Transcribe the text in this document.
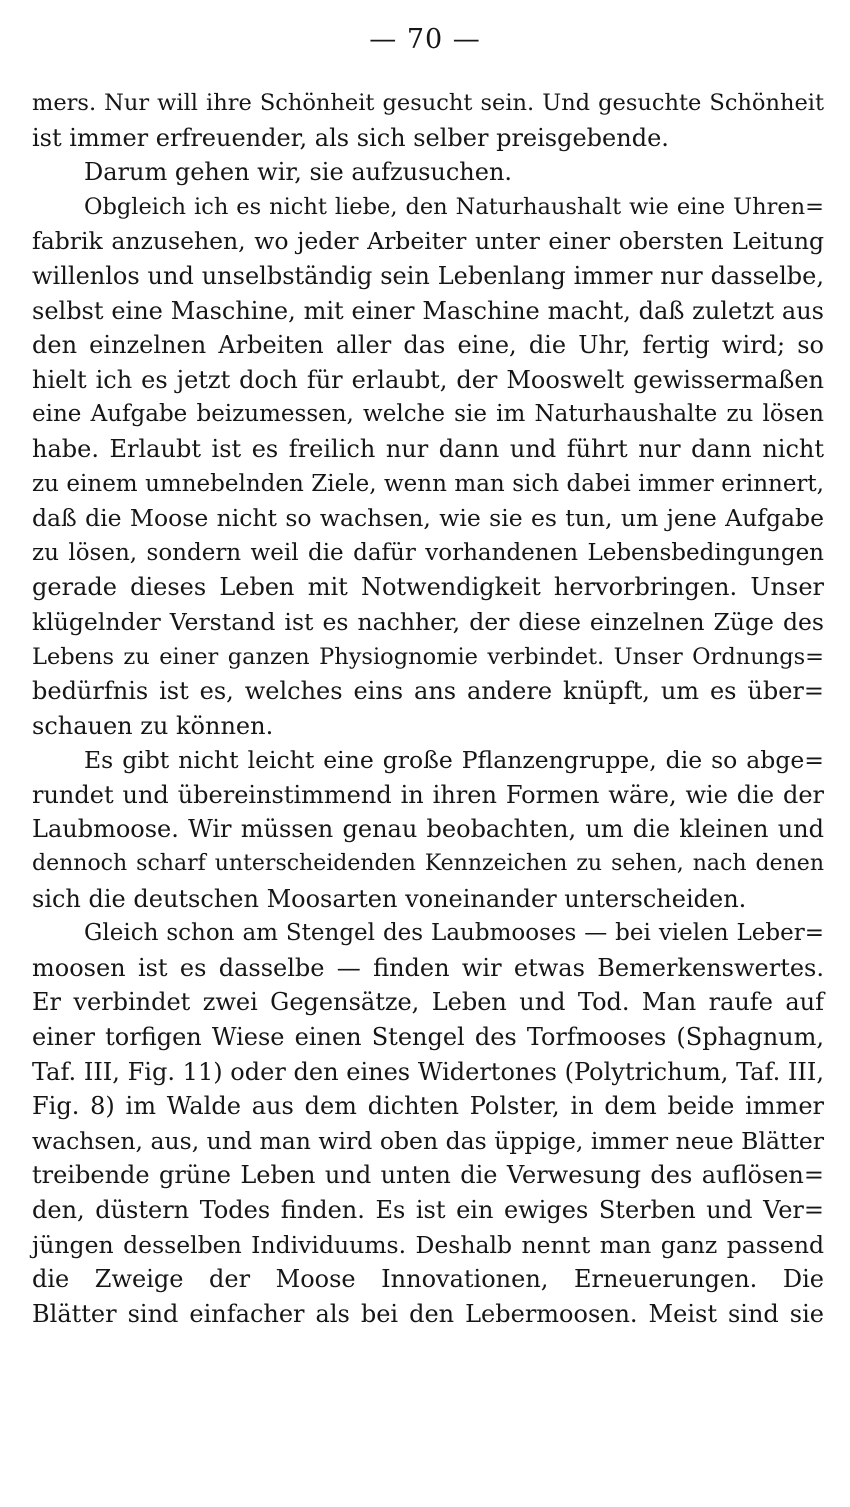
— 70 —
mers. Nur will ihre Schönheit gesucht sein. Und gesuchte Schönheit
ist immer erfreuender, als sich selber preisgebende.
Darum gehen wir, sie aufzusuchen.
Obgleich ich es nicht liebe, den Naturhaushalt wie eine Uhren=
fabrik anzusehen, wo jeder Arbeiter unter einer obersten Leitung
willenlos und unselbständig sein Lebenlang immer nur dasselbe,
selbst eine Maschine, mit einer Maschine macht, daß zuletzt aus
den einzelnen Arbeiten aller das eine, die Uhr, fertig wird; so
hielt ich es jetzt doch für erlaubt, der Mooswelt gewissermaßen
eine Aufgabe beizumessen, welche sie im Naturhaushalte zu lösen
habe. Erlaubt ist es freilich nur dann und führt nur dann nicht
zu einem umnebelnden Ziele, wenn man sich dabei immer erinnert,
daß die Moose nicht so wachsen, wie sie es tun, um jene Aufgabe
zu lösen, sondern weil die dafür vorhandenen Lebensbedingungen
gerade dieses Leben mit Notwendigkeit hervorbringen. Unser
klügelnder Verstand ist es nachher, der diese einzelnen Züge des
Lebens zu einer ganzen Physiognomie verbindet. Unser Ordnungs=
bedürfnis ist es, welches eins ans andere knüpft, um es über=
schauen zu können.
Es gibt nicht leicht eine große Pflanzengruppe, die so abge=
rundet und übereinstimmend in ihren Formen wäre, wie die der
Laubmoose. Wir müssen genau beobachten, um die kleinen und
dennoch scharf unterscheidenden Kennzeichen zu sehen, nach denen
sich die deutschen Moosarten voneinander unterscheiden.
Gleich schon am Stengel des Laubmooses — bei vielen Leber=
moosen ist es dasselbe — finden wir etwas Bemerkenswertes.
Er verbindet zwei Gegensätze, Leben und Tod. Man raufe auf
einer torfigen Wiese einen Stengel des Torfmooses (Sphagnum,
Taf. III, Fig. 11) oder den eines Widertones (Polytrichum, Taf. III,
Fig. 8) im Walde aus dem dichten Polster, in dem beide immer
wachsen, aus, und man wird oben das üppige, immer neue Blätter
treibende grüne Leben und unten die Verwesung des auflösen=
den, düstern Todes finden. Es ist ein ewiges Sterben und Ver=
jüngen desselben Individuums. Deshalb nennt man ganz passend
die Zweige der Moose Innovationen, Erneuerungen. Die
Blätter sind einfacher als bei den Lebermoosen. Meist sind sie
